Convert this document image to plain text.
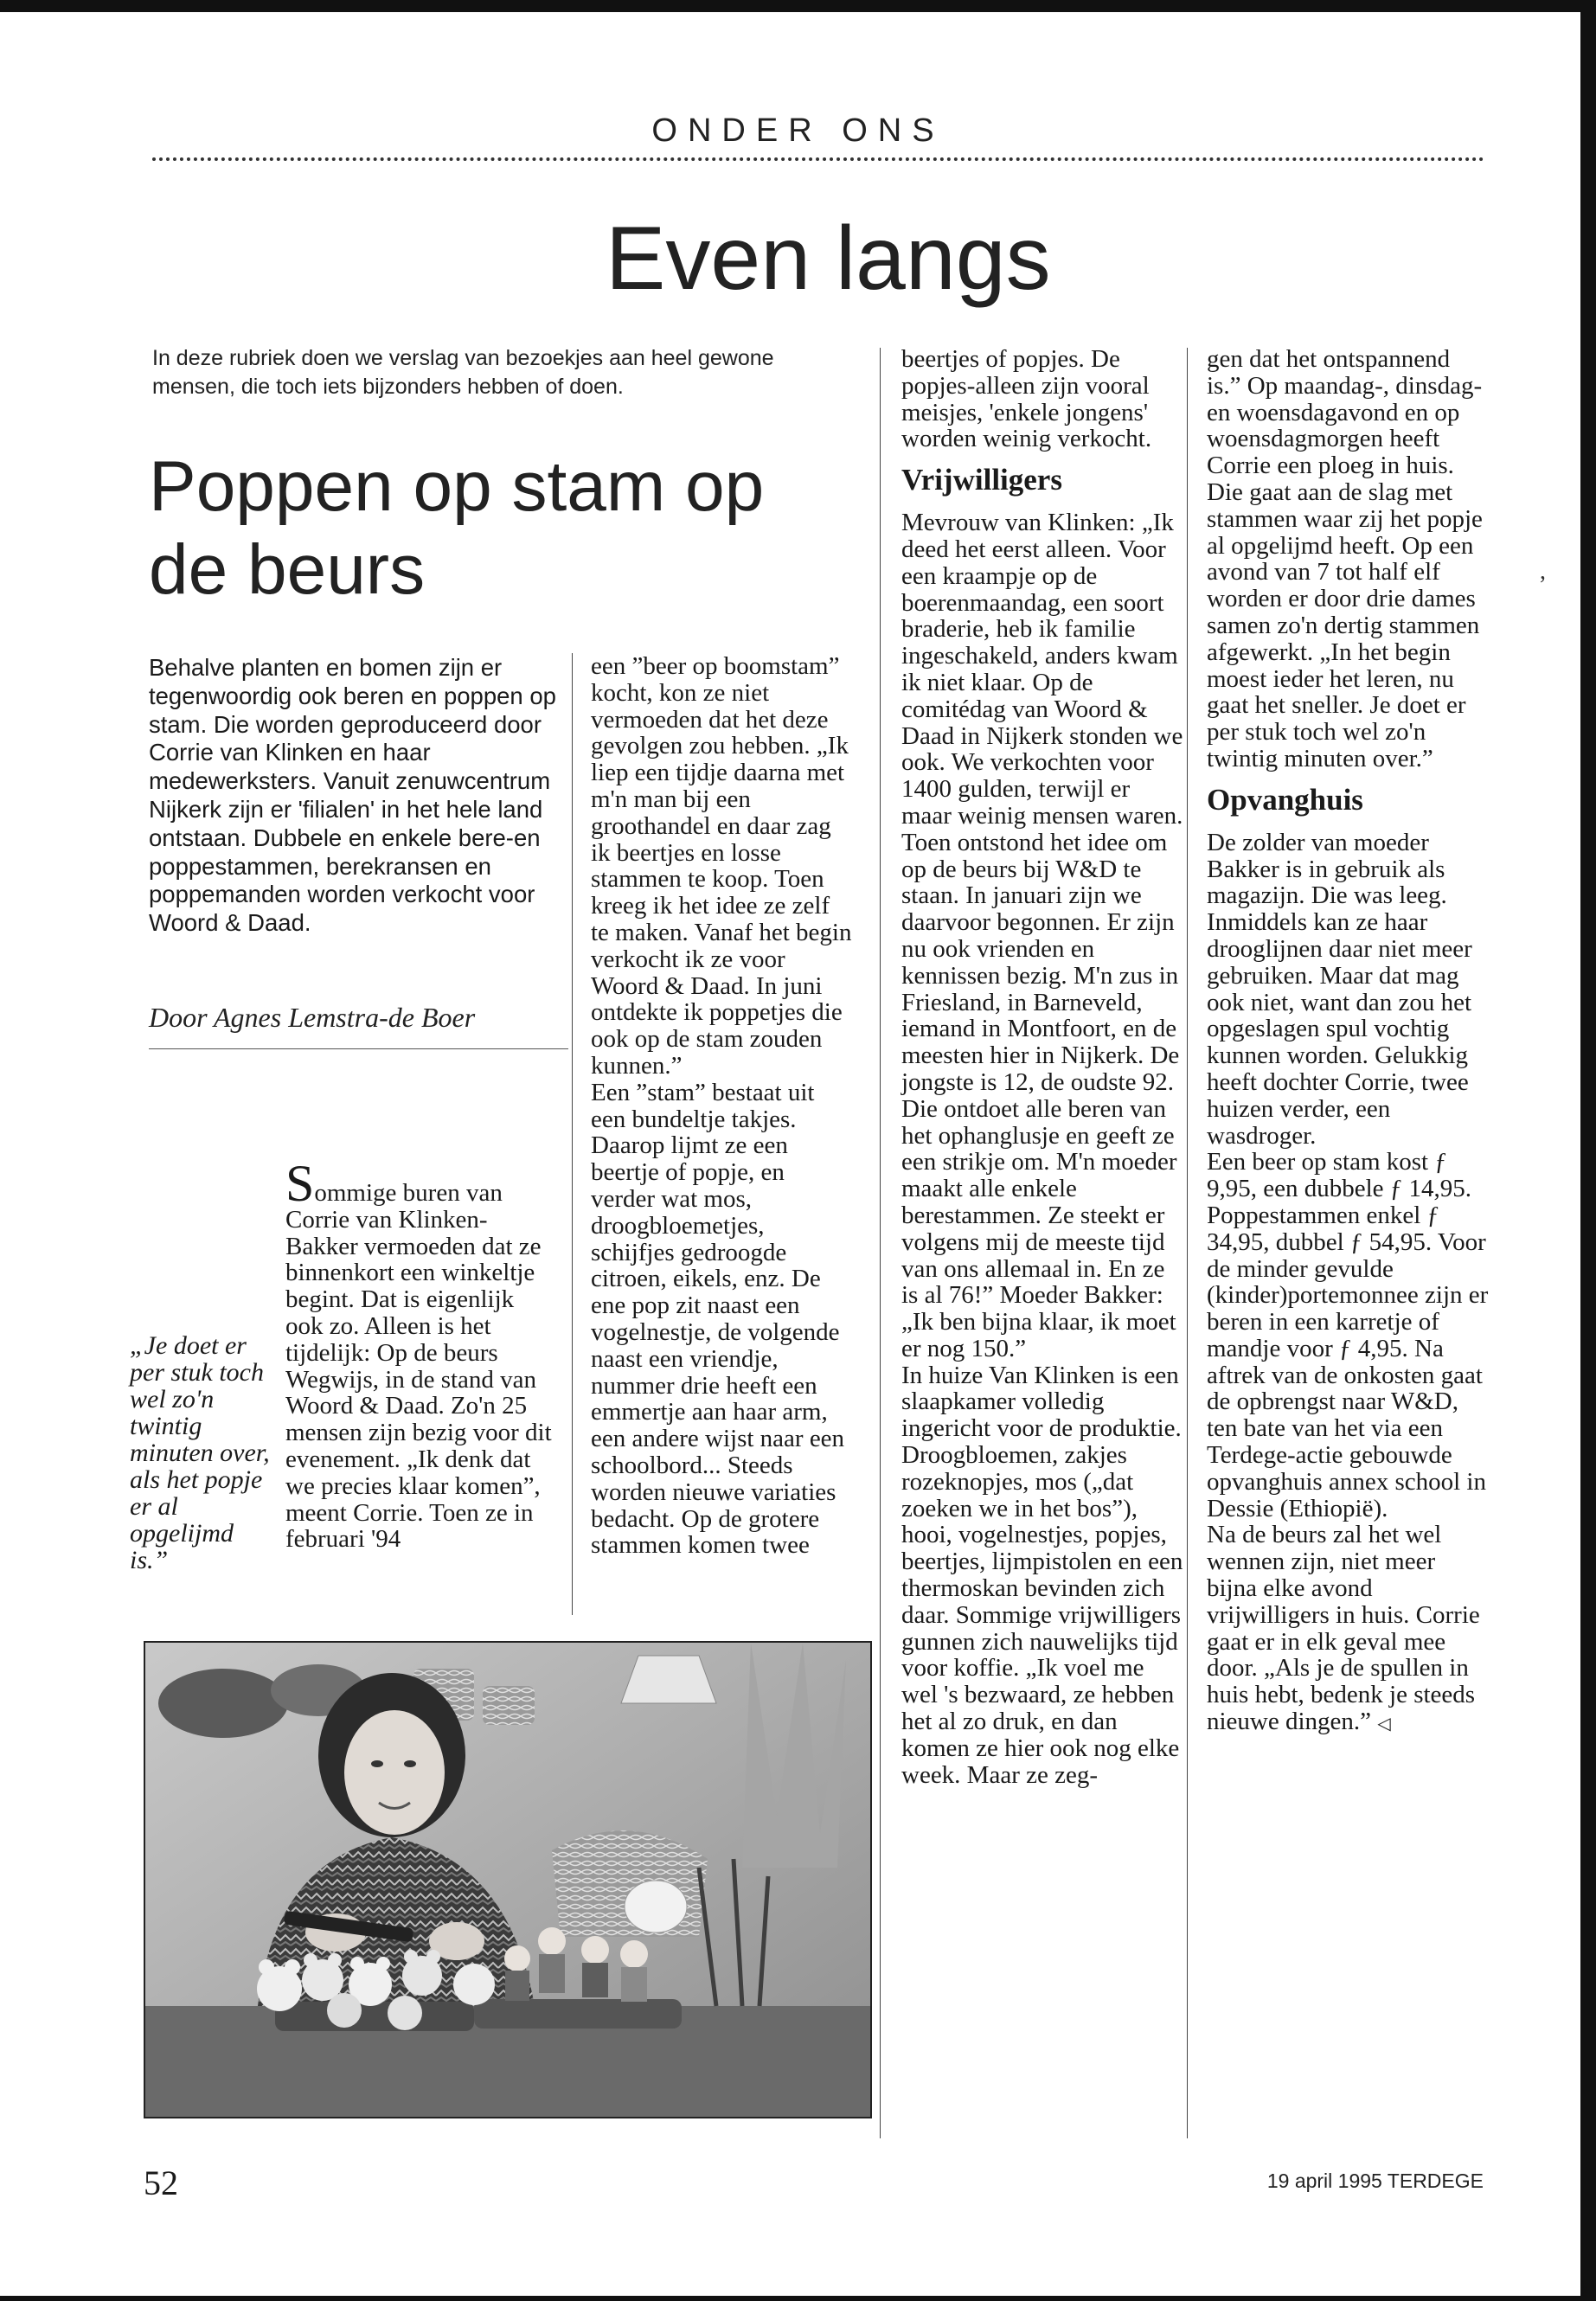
ONDER ONS
Even langs
In deze rubriek doen we verslag van bezoekjes aan heel gewone mensen, die toch iets bijzonders hebben of doen.
Poppen op stam op de beurs
Behalve planten en bomen zijn er tegenwoordig ook beren en poppen op stam. Die worden geproduceerd door Corrie van Klinken en haar medewerksters. Vanuit zenuwcentrum Nijkerk zijn er 'filialen' in het hele land ontstaan. Dubbele en enkele bere-en poppestammen, berekransen en poppemanden worden verkocht voor Woord & Daad.
Door Agnes Lemstra-de Boer

Sommige buren van Corrie van Klinken-Bakker vermoeden dat ze binnenkort een winkeltje begint. Dat is eigenlijk ook zo. Alleen is het tijdelijk: Op de beurs Wegwijs, in de stand van Woord & Daad. Zo'n 25 mensen zijn bezig voor dit evenement. „Ik denk dat we precies klaar komen”, meent Corrie. Toen ze in februari '94

„Je doet er per stuk toch wel zo'n twintig minuten over, als het popje er al opgelijmd is.”

een ”beer op boomstam” kocht, kon ze niet vermoeden dat het deze gevolgen zou hebben. „Ik liep een tijdje daarna met m'n man bij een groothandel en daar zag ik beertjes en losse stammen te koop. Toen kreeg ik het idee ze zelf te maken. Vanaf het begin verkocht ik ze voor Woord & Daad. In juni ontdekte ik poppetjes die ook op de stam zouden kunnen.”

Een ”stam” bestaat uit een bundeltje takjes. Daarop lijmt ze een beertje of popje, en verder wat mos, droogbloemetjes, schijfjes gedroogde citroen, eikels, enz. De ene pop zit naast een vogelnestje, de volgende naast een vriendje, nummer drie heeft een emmertje aan haar arm, een andere wijst naar een schoolbord... Steeds worden nieuwe variaties bedacht. Op de grotere stammen komen twee

beertjes of popjes. De popjes-alleen zijn vooral meisjes, 'enkele jongens' worden weinig verkocht.

Vrijwilligers

Mevrouw van Klinken: „Ik deed het eerst alleen. Voor een kraampje op de boerenmaandag, een soort braderie, heb ik familie ingeschakeld, anders kwam ik niet klaar. Op de comitédag van Woord & Daad in Nijkerk stonden we ook. We verkochten voor 1400 gulden, terwijl er maar weinig mensen waren. Toen ontstond het idee om op de beurs bij W&D te staan. In januari zijn we daarvoor begonnen. Er zijn nu ook vrienden en kennissen bezig. M'n zus in Friesland, in Barneveld, iemand in Montfoort, en de meesten hier in Nijkerk. De jongste is 12, de oudste 92. Die ontdoet alle beren van het ophanglusje en geeft ze een strikje om. M'n moeder maakt alle enkele berestammen. Ze steekt er volgens mij de meeste tijd van ons allemaal in. En ze is al 76!” Moeder Bakker: „Ik ben bijna klaar, ik moet er nog 150.”

In huize Van Klinken is een slaapkamer volledig ingericht voor de produktie. Droogbloemen, zakjes rozeknopjes, mos („dat zoeken we in het bos”), hooi, vogelnestjes, popjes, beertjes, lijmpistolen en een thermoskan bevinden zich daar. Sommige vrijwilligers gunnen zich nauwelijks tijd voor koffie. „Ik voel me wel 's bezwaard, ze hebben het al zo druk, en dan komen ze hier ook nog elke week. Maar ze zeg-

gen dat het ontspannend is.” Op maandag-, dinsdag- en woensdagavond en op woensdagmorgen heeft Corrie een ploeg in huis. Die gaat aan de slag met stammen waar zij het popje al opgelijmd heeft. Op een avond van 7 tot half elf worden er door drie dames samen zo'n dertig stammen afgewerkt. „In het begin moest ieder het leren, nu gaat het sneller. Je doet er per stuk toch wel zo'n twintig minuten over.”

Opvanghuis

De zolder van moeder Bakker is in gebruik als magazijn. Die was leeg. Inmiddels kan ze haar drooglijnen daar niet meer gebruiken. Maar dat mag ook niet, want dan zou het opgeslagen spul vochtig kunnen worden. Gelukkig heeft dochter Corrie, twee huizen verder, een wasdroger.

Een beer op stam kost ƒ 9,95, een dubbele ƒ 14,95. Poppestammen enkel ƒ 34,95, dubbel ƒ 54,95. Voor de minder gevulde (kinder)portemonnee zijn er beren in een karretje of mandje voor ƒ 4,95. Na aftrek van de onkosten gaat de opbrengst naar W&D, ten bate van het via een Terdege-actie gebouwde opvanghuis annex school in Dessie (Ethiopië).

Na de beurs zal het wel wennen zijn, niet meer bijna elke avond vrijwilligers in huis. Corrie gaat er in elk geval mee door. „Als je de spullen in huis hebt, bedenk je steeds nieuwe dingen.” ◁

,
52	19 april 1995 TERDEGE
